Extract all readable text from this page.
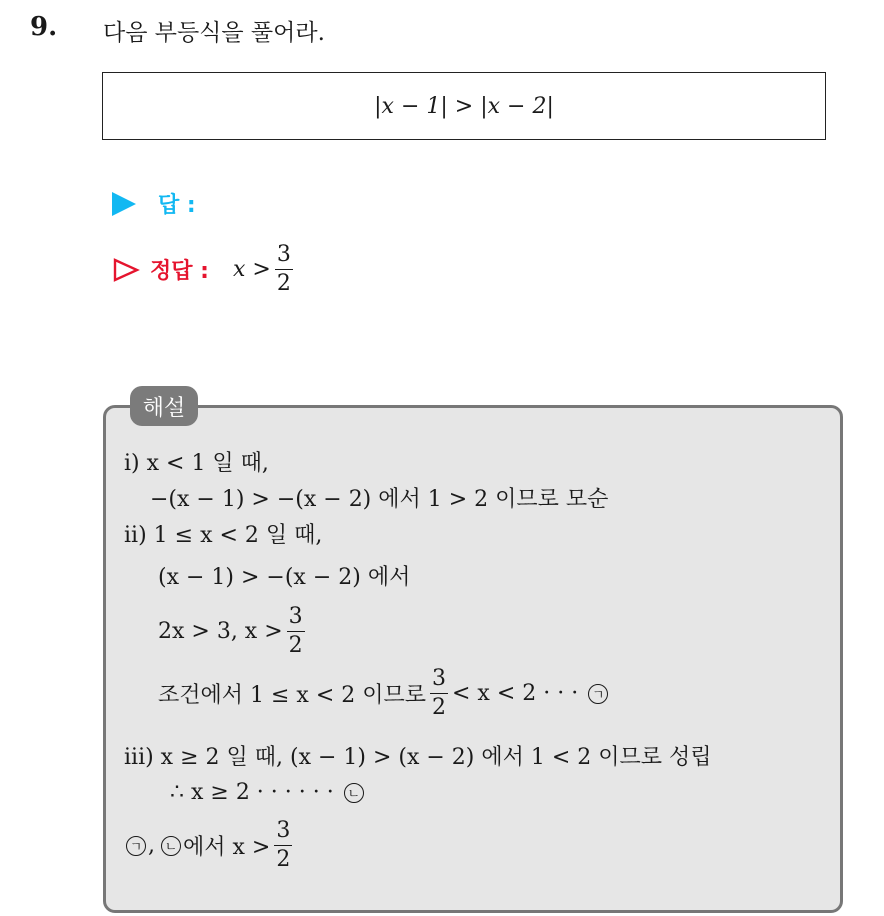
9. 다음 부등식을 풀어라.
|x − 1| > |x − 2|
답 :
정답 : $x > \frac{3}{2}$
해설
i) x < 1 일 때,
−(x − 1) > −(x − 2) 에서 1 > 2 이므로 모순
ii) 1 ≤ x < 2 일 때,
(x − 1) > −(x − 2) 에서
2x > 3, $x > \frac{3}{2}$
조건에서 1 ≤ x < 2 이므로 $\frac{3}{2} < x < 2$ · · · ㄱ
iii) x ≥ 2 일 때, (x − 1) > (x − 2) 에서 1 < 2 이므로 성립
∴ x ≥ 2 · · · · · · ㄴ
ㄱ , ㄴ 에서 $x > \frac{3}{2}$
